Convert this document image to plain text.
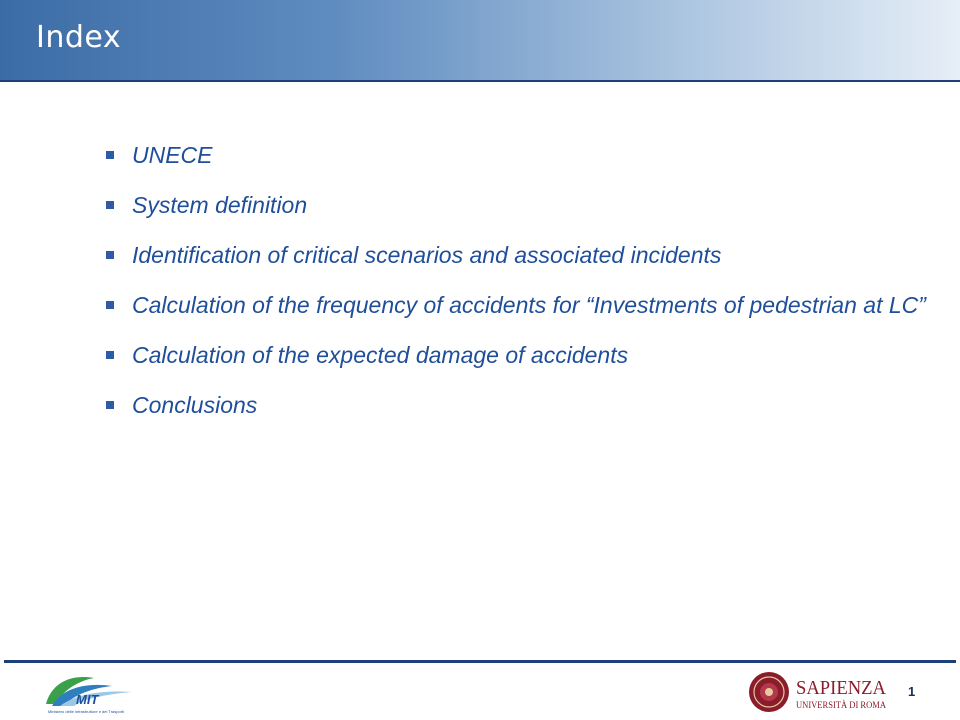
Index
UNECE
System definition
Identification of critical scenarios and associated incidents
Calculation of the frequency of accidents for “Investments of pedestrian at LC”
Calculation of the expected damage of accidents
Conclusions
MIT
Ministero delle Infrastrutture e dei Trasporti
SAPIENZA
UNIVERSITÀ DI ROMA
1
